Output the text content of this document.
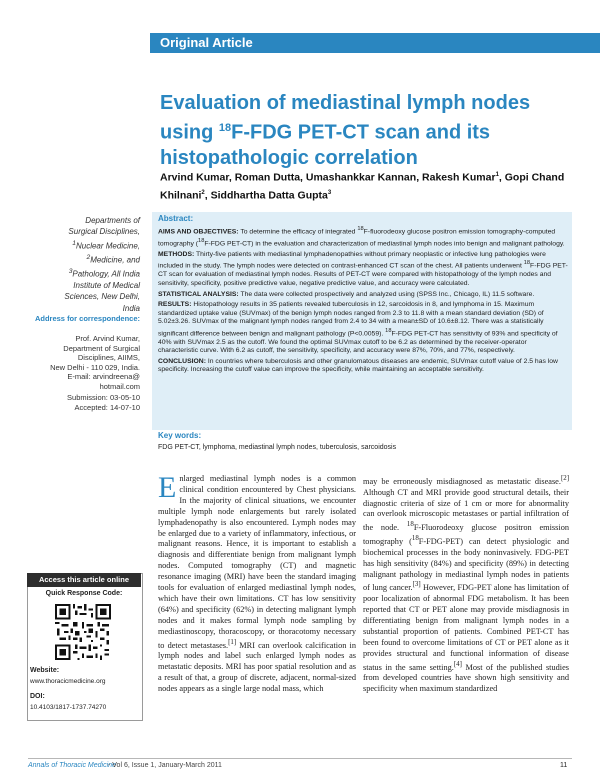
Original Article
Evaluation of mediastinal lymph nodes using $^{18}$F-FDG PET-CT scan and its histopathologic correlation
Arvind Kumar, Roman Dutta, Umashankkar Kannan, Rakesh Kumar$^1$, Gopi Chand Khilnani$^2$, Siddhartha Datta Gupta$^3$
Departments of
Surgical Disciplines,
$^1$Nuclear Medicine,
$^2$Medicine, and
$^3$Pathology, All India
Institute of Medical
Sciences, New Delhi,
India
Address for correspondence:
Prof. Arvind Kumar,
Department of Surgical
Disciplines, AIIMS,
New Delhi - 110 029, India.
E-mail: arvindreena@
hotmail.com
Submission: 03-05-10
Accepted: 14-07-10
Abstract:

AIMS AND OBJECTIVES: To determine the efficacy of integrated $^{18}$F-fluorodeoxy glucose positron emission tomography-computed tomography ($^{18}$F-FDG PET-CT) in the evaluation and characterization of mediastinal lymph nodes into benign and malignant pathology.

METHODS: Thirty-five patients with mediastinal lymphadenopathies without primary neoplastic or infective lung pathologies were included in the study. The lymph nodes were detected on contrast-enhanced CT scan of the chest. All patients underwent $^{18}$F-FDG PET-CT scan for evaluation of mediastinal lymph nodes. Results of PET-CT were compared with histopathology of the lymph nodes and sensitivity, specificity, positive predictive value, negative predictive value, and accuracy were calculated.

STATISTICAL ANALYSIS: The data were collected prospectively and analyzed using (SPSS Inc., Chicago, IL) 11.5 software.

RESULTS: Histopathology results in 35 patients revealed tuberculosis in 12, sarcoidosis in 8, and lymphoma in 15. Maximum standardized uptake value (SUVmax) of the benign lymph nodes ranged from 2.3 to 11.8 with a mean standard deviation (SD) of 5.02±3.26. SUVmax of the malignant lymph nodes ranged from 2.4 to 34 with a mean±SD of 10.6±8.12. There was a statistically significant difference between benign and malignant pathology (P<0.0059). $^{18}$F-FDG PET-CT has sensitivity of 93% and specificity of 40% with SUVmax 2.5 as the cutoff. We found the optimal SUVmax cutoff to be 6.2 as determined by the receiver-operator characteristic curve. With 6.2 as cutoff, the sensitivity, specificity, and accuracy were 87%, 70%, and 77%, respectively.

CONCLUSION: In countries where tuberculosis and other granulomatous diseases are endemic, SUVmax cutoff value of 2.5 has low specificity. Increasing the cutoff value can improve the specificity, while maintaining an acceptable sensitivity.

Key words:
FDG PET-CT, lymphoma, mediastinal lymph nodes, tuberculosis, sarcoidosis
Enlarged mediastinal lymph nodes is a common clinical condition encountered by Chest physicians. In the majority of clinical situations, we encounter multiple lymph node enlargements but rarely isolated lymphadenopathy is also encountered. Lymph nodes may be enlarged due to a variety of inflammatory, infectious, or malignant reasons. Hence, it is important to establish a diagnosis and differentiate benign from malignant lymph nodes. Computed tomography (CT) and magnetic resonance imaging (MRI) have been the standard imaging tools for evaluation of enlarged mediastinal lymph nodes, which have their own limitations. CT has low sensitivity (64%) and specificity (62%) in detecting malignant lymph nodes and it makes formal lymph node sampling by mediastinoscopy, thoracoscopy, or thoracotomy necessary to detect metastases.[1] MRI can overlook calcification in lymph nodes and label such enlarged lymph nodes as metastatic deposits. MRI has poor spatial resolution and as a result of that, a group of discrete, adjacent, normal-sized nodes appears as a single large nodal mass, which
may be erroneously misdiagnosed as metastatic disease.[2] Although CT and MRI provide good structural details, their diagnostic criteria of size of 1 cm or more for abnormality can overlook microscopic metastases or partial infiltration of the node. $^{18}$F-Fluorodeoxy glucose positron emission tomography ($^{18}$F-FDG-PET) can detect physiologic and biochemical processes in the body noninvasively. FDG-PET has high sensitivity (84%) and specificity (89%) in detecting malignant pathology in mediastinal lymph nodes in patients of lung cancer.[3] However, FDG-PET alone has limitation of poor localization of abnormal FDG metabolism. It has been reported that CT or PET alone may provide misdiagnosis in differentiating benign from malignant lymph nodes in a substantial proportion of patients. Combined PET-CT has been found to overcome limitations of CT or PET alone as it provides structural and functional information of disease status in the same setting.[4] Most of the published studies from developed countries have shown high sensitivity and specificity when maximum standardized
Access this article online
Quick Response Code:
Website:
www.thoracicmedicine.org
DOI:
10.4103/1817-1737.74270
Annals of Thoracic Medicine
- Vol 6, Issue 1, January-March 2011	11
